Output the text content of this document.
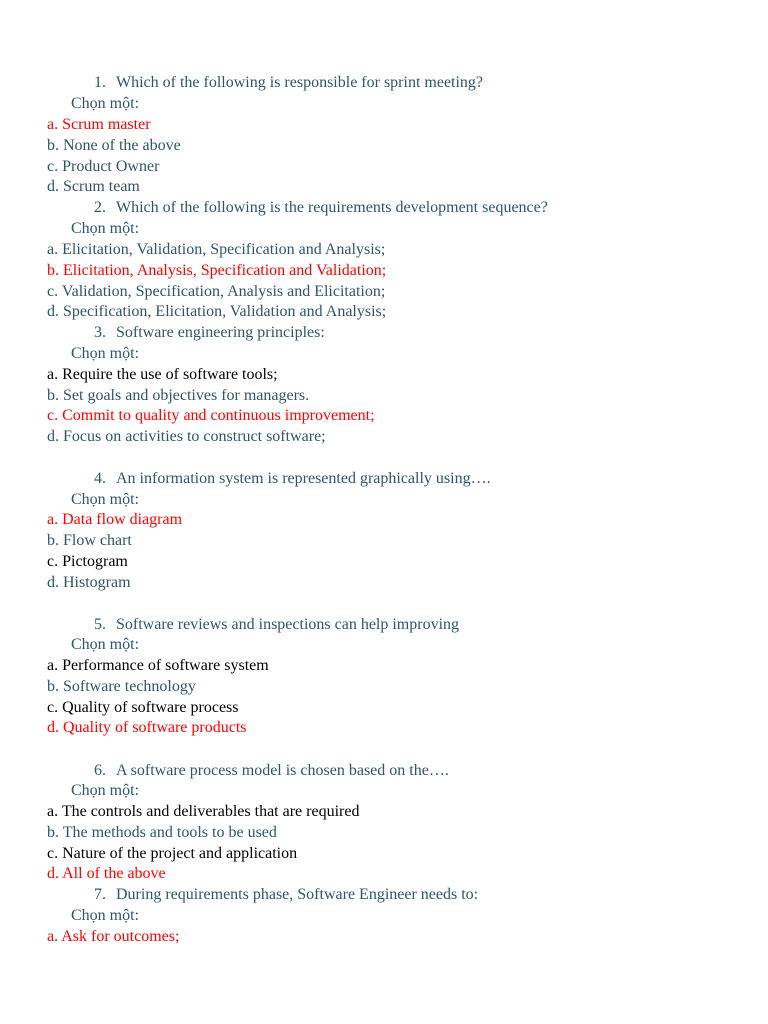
1. Which of the following is responsible for sprint meeting?
Chọn một:
a. Scrum master
b. None of the above
c. Product Owner
d. Scrum team
2. Which of the following is the requirements development sequence?
Chọn một:
a. Elicitation, Validation, Specification and Analysis;
b. Elicitation, Analysis, Specification and Validation;
c. Validation, Specification, Analysis and Elicitation;
d. Specification, Elicitation, Validation and Analysis;
3. Software engineering principles:
Chọn một:
a. Require the use of software tools;
b. Set goals and objectives for managers.
c. Commit to quality and continuous improvement;
d. Focus on activities to construct software;
4. An information system is represented graphically using….
Chọn một:
a. Data flow diagram
b. Flow chart
c. Pictogram
d. Histogram
5. Software reviews and inspections can help improving
Chọn một:
a. Performance of software system
b. Software technology
c. Quality of software process
d. Quality of software products
6. A software process model is chosen based on the….
Chọn một:
a. The controls and deliverables that are required
b. The methods and tools to be used
c. Nature of the project and application
d. All of the above
7. During requirements phase, Software Engineer needs to:
Chọn một:
a. Ask for outcomes;
